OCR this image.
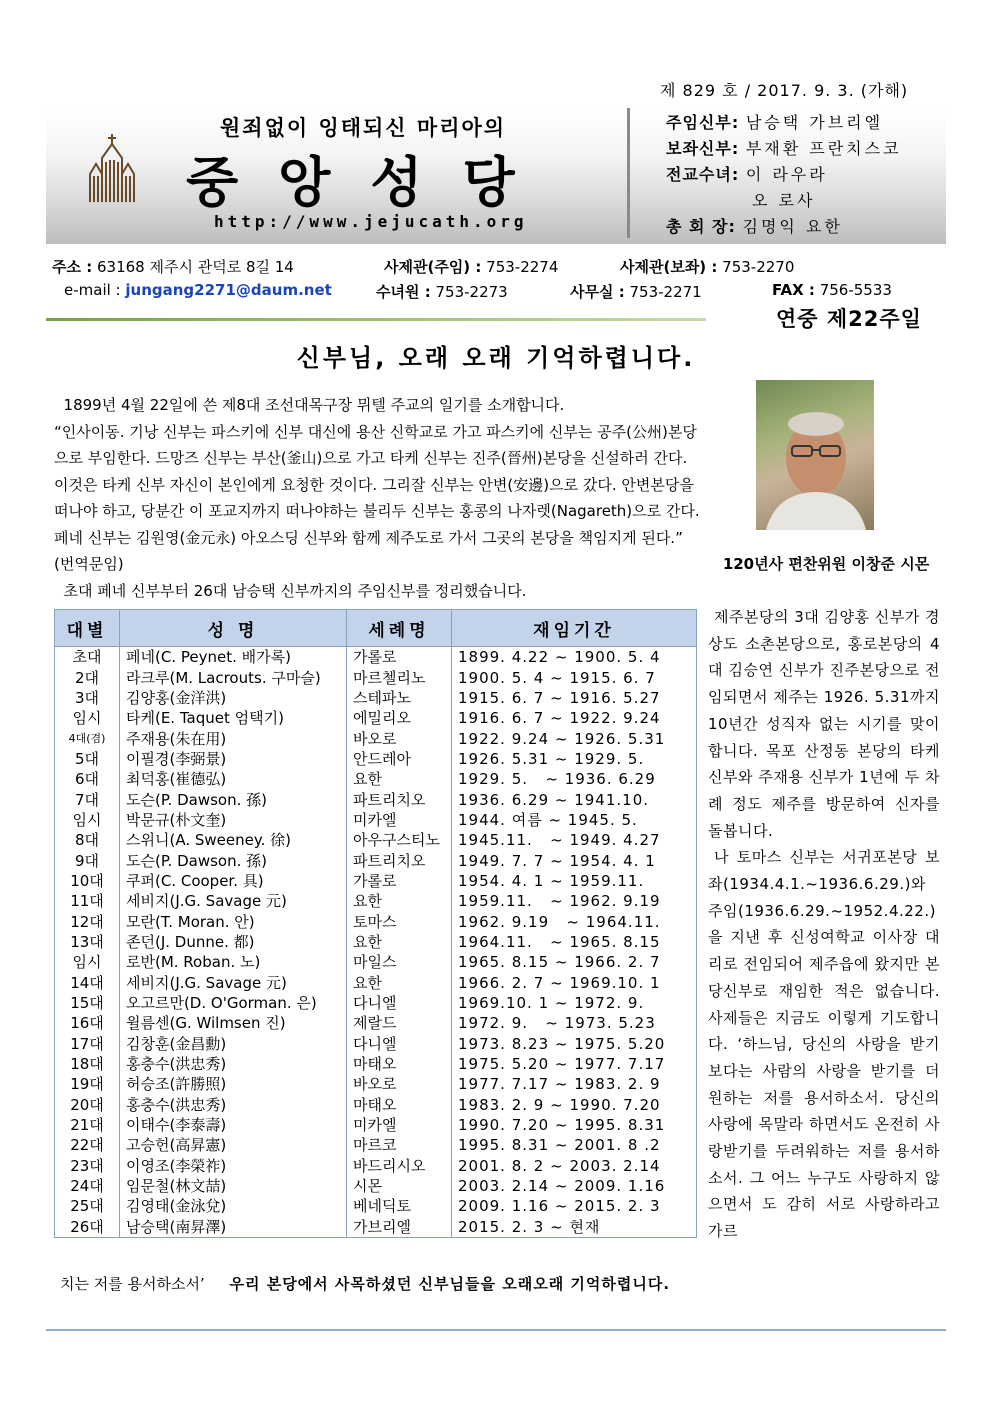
제 829 호 / 2017. 9. 3. (가해)
원죄없이 잉태되신 마리아의
중앙성당
http://www.jejucath.org
주임신부: 남승택 가브리엘
보좌신부: 부재환 프란치스코
전교수녀: 이 라우라
오 로사
총 회 장: 김명익 요한
주소 : 63168 제주시 관덕로 8길 14	사제관(주임) : 753-2274	사제관(보좌) : 753-2270
e-mail : jungang2271@daum.net	수녀원 : 753-2273	사무실 : 753-2271	FAX : 756-5533
연중 제22주일
신부님, 오래 오래 기억하렵니다.

1899년 4월 22일에 쓴 제8대 조선대목구장 뮈텔 주교의 일기를 소개합니다.

“인사이동. 기낭 신부는 파스키에 신부 대신에 용산 신학교로 가고 파스키에 신부는 공주(公州)본당으로 부임한다. 드망즈 신부는 부산(釜山)으로 가고 타케 신부는 진주(晉州)본당을 신설하러 간다. 이것은 타케 신부 자신이 본인에게 요청한 것이다. 그리잘 신부는 안변(安邊)으로 갔다. 안변본당을 떠나야 하고, 당분간 이 포교지까지 떠나야하는 불리두 신부는 홍콩의 나자렛(Nagareth)으로 간다. 페네 신부는 김원영(金元永) 아오스딩 신부와 함께 제주도로 가서 그곳의 본당을 책임지게 된다.” (번역문임)

초대 페네 신부부터 26대 남승택 신부까지의 주임신부를 정리했습니다.

120년사 편찬위원 이창준 시몬
대별	성 명	세례명	재임기간
초대	페네(C. Peynet. 배가록)	가롤로	1899. 4.22 ~ 1900. 5. 4
2대	라크루(M. Lacrouts. 구마슬)	마르첼리노	1900. 5. 4 ~ 1915. 6. 7
3대	김양홍(金洋洪)	스테파노	1915. 6. 7 ~ 1916. 5.27
임시	타케(E. Taquet 엄택기)	에밀리오	1916. 6. 7 ~ 1922. 9.24
4대(겸)	주재용(朱在用)	바오로	1922. 9.24 ~ 1926. 5.31
5대	이필경(李弼景)	안드레아	1926. 5.31 ~ 1929. 5.
6대	최덕홍(崔德弘)	요한	1929. 5.   ~ 1936. 6.29
7대	도슨(P. Dawson. 孫)	파트리치오	1936. 6.29 ~ 1941.10.
임시	박문규(朴文奎)	미카엘	1944. 여름 ~ 1945. 5.
8대	스위니(A. Sweeney. 徐)	아우구스티노	1945.11.   ~ 1949. 4.27
9대	도슨(P. Dawson. 孫)	파트리치오	1949. 7. 7 ~ 1954. 4. 1
10대	쿠퍼(C. Cooper. 具)	가롤로	1954. 4. 1 ~ 1959.11.
11대	세비지(J.G. Savage 元)	요한	1959.11.   ~ 1962. 9.19
12대	모란(T. Moran. 안)	토마스	1962. 9.19   ~ 1964.11.
13대	존던(J. Dunne. 都)	요한	1964.11.   ~ 1965. 8.15
임시	로반(M. Roban. 노)	마일스	1965. 8.15 ~ 1966. 2. 7
14대	세비지(J.G. Savage 元)	요한	1966. 2. 7 ~ 1969.10. 1
15대	오고르만(D. O'Gorman. 은)	다니엘	1969.10. 1 ~ 1972. 9.
16대	윌름센(G. Wilmsen 진)	제랄드	1972. 9.   ~ 1973. 5.23
17대	김창훈(金昌勳)	다니엘	1973. 8.23 ~ 1975. 5.20
18대	홍충수(洪忠秀)	마태오	1975. 5.20 ~ 1977. 7.17
19대	허승조(許勝照)	바오로	1977. 7.17 ~ 1983. 2. 9
20대	홍충수(洪忠秀)	마태오	1983. 2. 9 ~ 1990. 7.20
21대	이태수(李泰壽)	미카엘	1990. 7.20 ~ 1995. 8.31
22대	고승헌(高昇憲)	마르코	1995. 8.31 ~ 2001. 8 .2
23대	이영조(李榮祚)	바드리시오	2001. 8. 2 ~ 2003. 2.14
24대	임문철(林文喆)	시몬	2003. 2.14 ~ 2009. 1.16
25대	김영태(金泳兌)	베네딕토	2009. 1.16 ~ 2015. 2. 3
26대	남승택(南昇澤)	가브리엘	2015. 2. 3 ~ 현재

제주본당의 3대 김양홍 신부가 경상도 소촌본당으로, 홍로본당의 4대 김승연 신부가 진주본당으로 전임되면서 제주는 1926. 5.31까지 10년간 성직자 없는 시기를 맞이합니다. 목포 산정동 본당의 타케 신부와 주재용 신부가 1년에 두 차례 정도 제주를 방문하여 신자를 돌봅니다.

나 토마스 신부는 서귀포본당 보좌(1934.4.1.~1936.6.29.)와 주임(1936.6.29.~1952.4.22.)을 지낸 후 신성여학교 이사장 대리로 전임되어 제주읍에 왔지만 본당신부로 재임한 적은 없습니다. 사제들은 지금도 이렇게 기도합니다. ‘하느님, 당신의 사랑을 받기 보다는 사람의 사랑을 받기를 더 원하는 저를 용서하소서. 당신의 사랑에 목말라 하면서도 온전히 사랑받기를 두려워하는 저를 용서하소서. 그 어느 누구도 사랑하지 않으면서 도 감히 서로 사랑하라고 가르

치는 저를 용서하소서’ 우리 본당에서 사목하셨던 신부님들을 오래오래 기억하렵니다.
